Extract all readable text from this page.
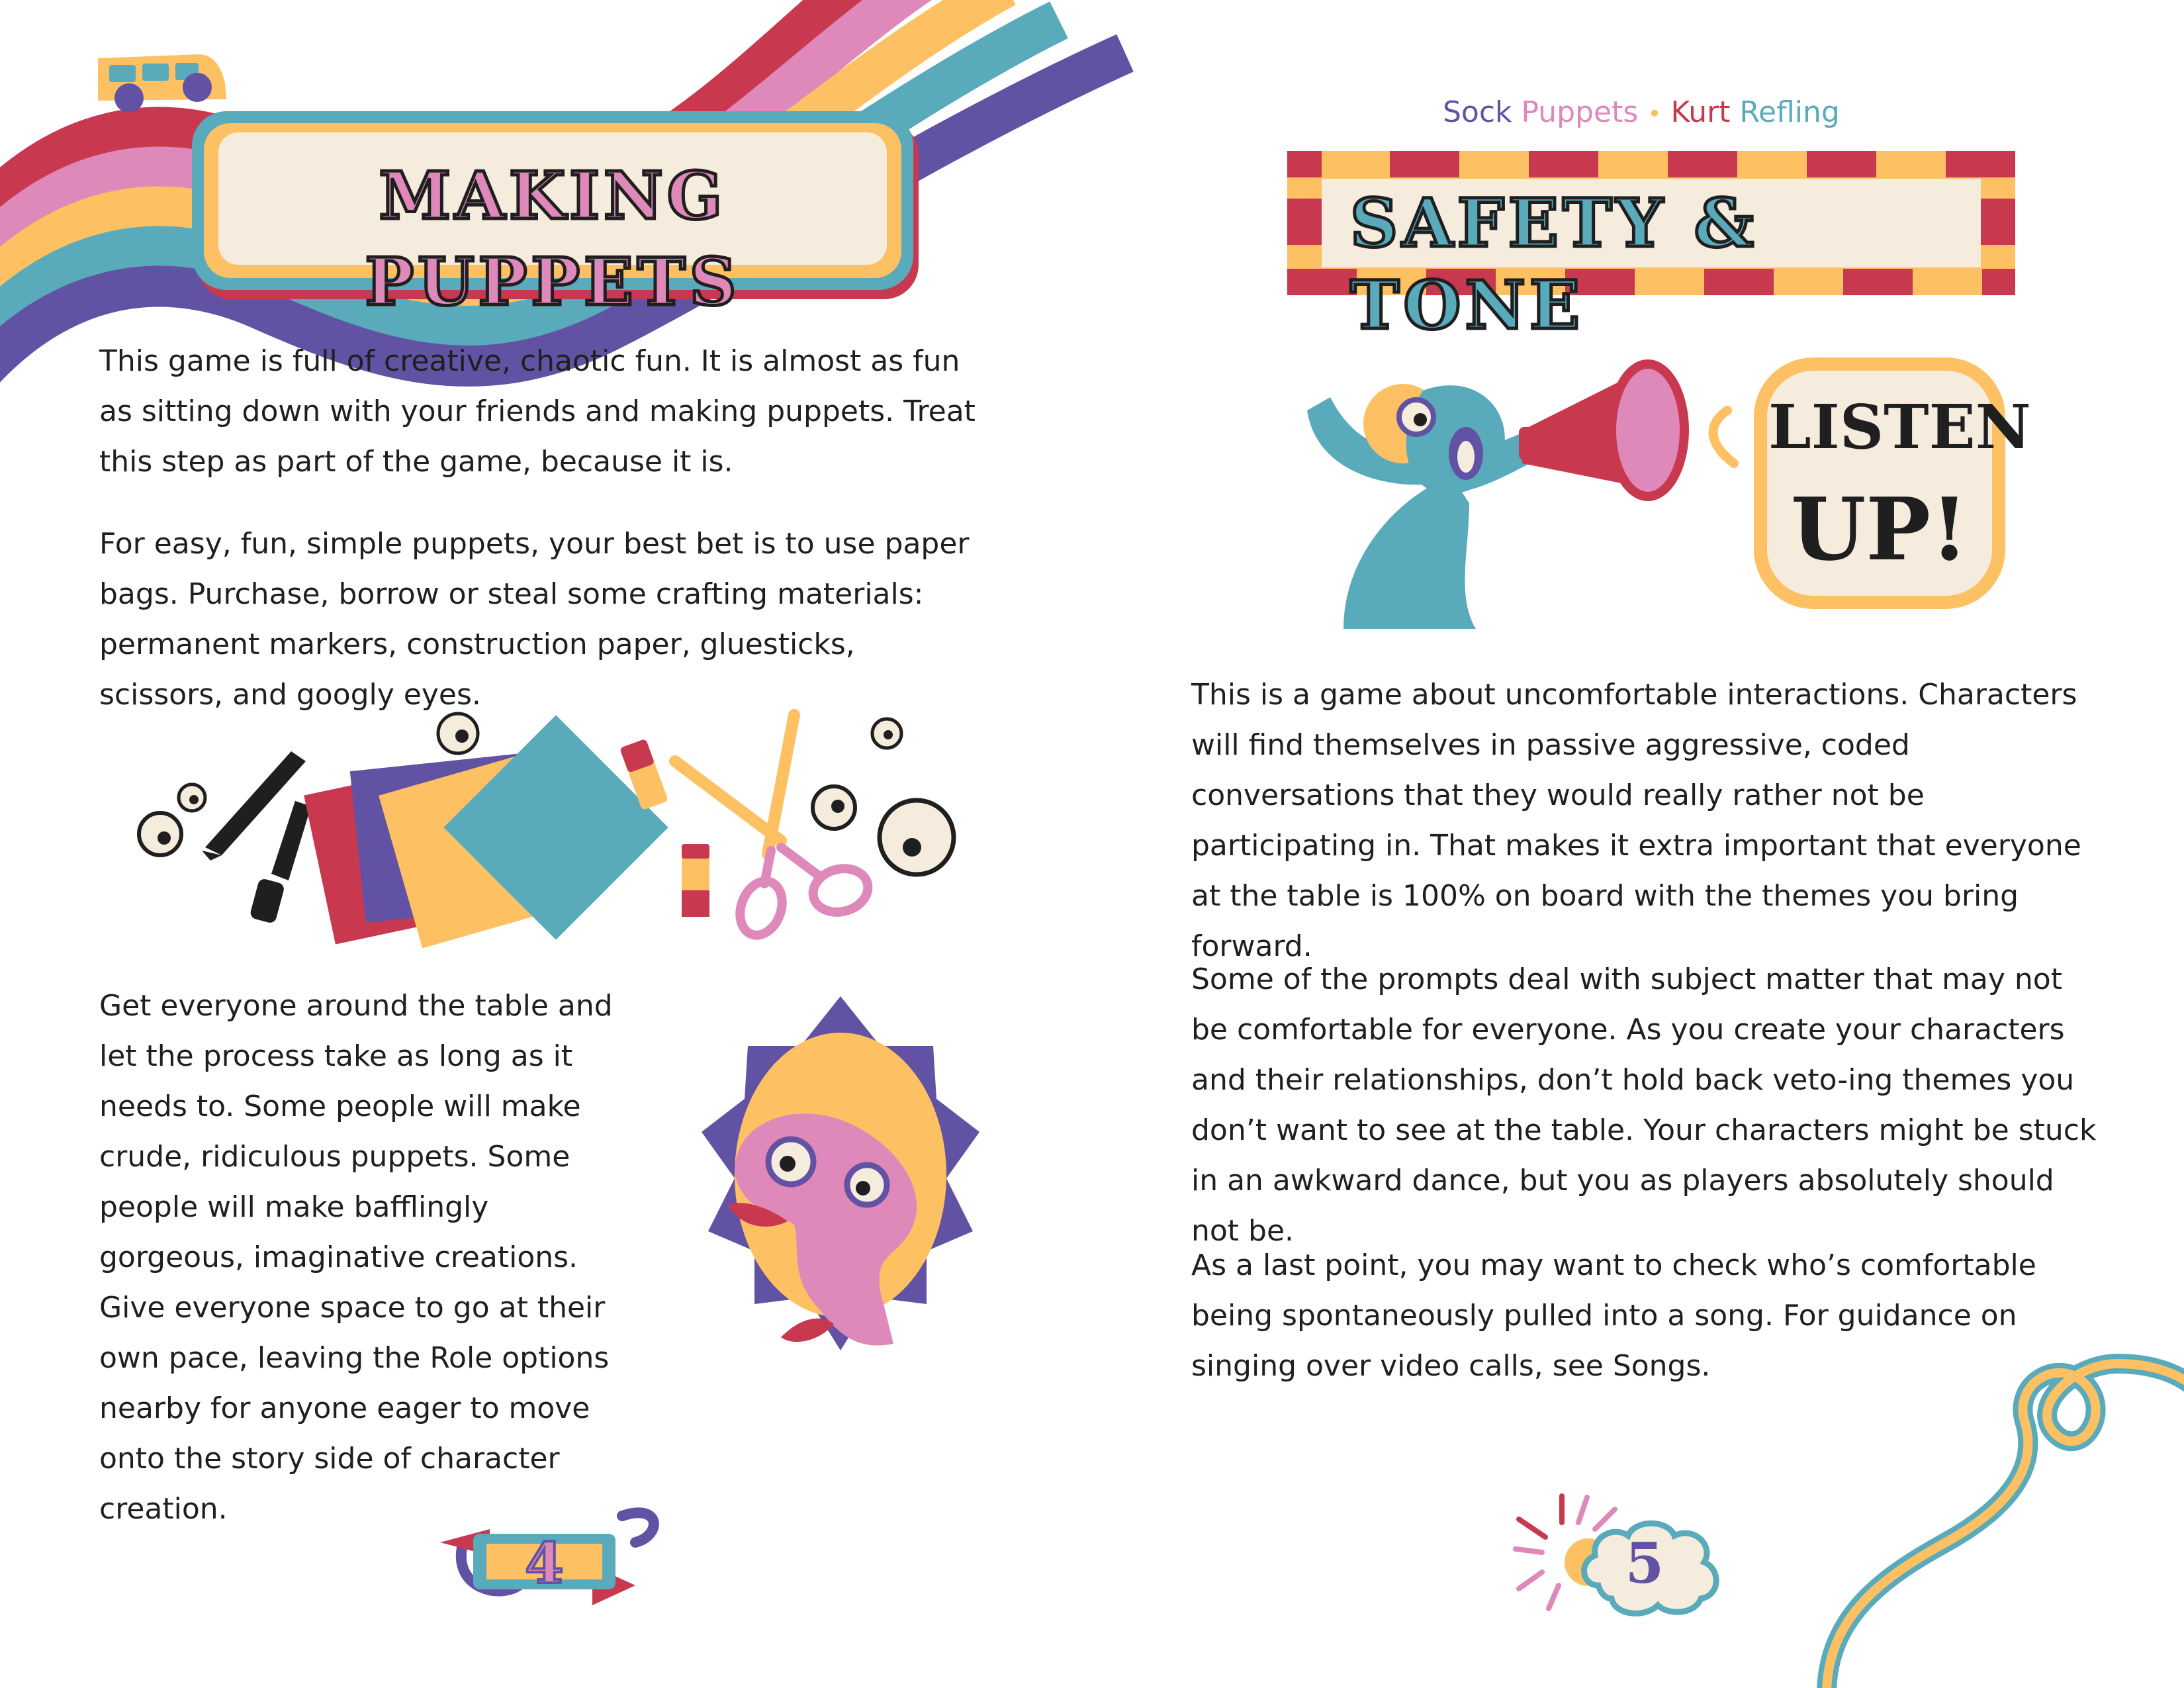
Sock Puppets • Kurt Refling
MAKING PUPPETS
SAFETY & TONE
LISTEN
UP!

This game is full of creative, chaotic fun. It is almost as fun as sitting down with your friends and making puppets. Treat this step as part of the game, because it is.

For easy, fun, simple puppets, your best bet is to use paper bags. Purchase, borrow or steal some crafting materials: permanent markers, construction paper, gluesticks, scissors, and googly eyes.

Get everyone around the table and let the process take as long as it needs to. Some people will make crude, ridiculous puppets. Some people will make bafflingly gorgeous, imaginative creations. Give everyone space to go at their own pace, leaving the Role options nearby for anyone eager to move onto the story side of character creation.

This is a game about uncomfortable interactions. Characters will find themselves in passive aggressive, coded conversations that they would really rather not be participating in. That makes it extra important that everyone at the table is 100% on board with the themes you bring forward.

Some of the prompts deal with subject matter that may not be comfortable for everyone. As you create your characters and their relationships, don’t hold back veto-ing themes you don’t want to see at the table. Your characters might be stuck in an awkward dance, but you as players absolutely should not be.

As a last point, you may want to check who’s comfortable being spontaneously pulled into a song. For guidance on singing over video calls, see Songs.

4	5
